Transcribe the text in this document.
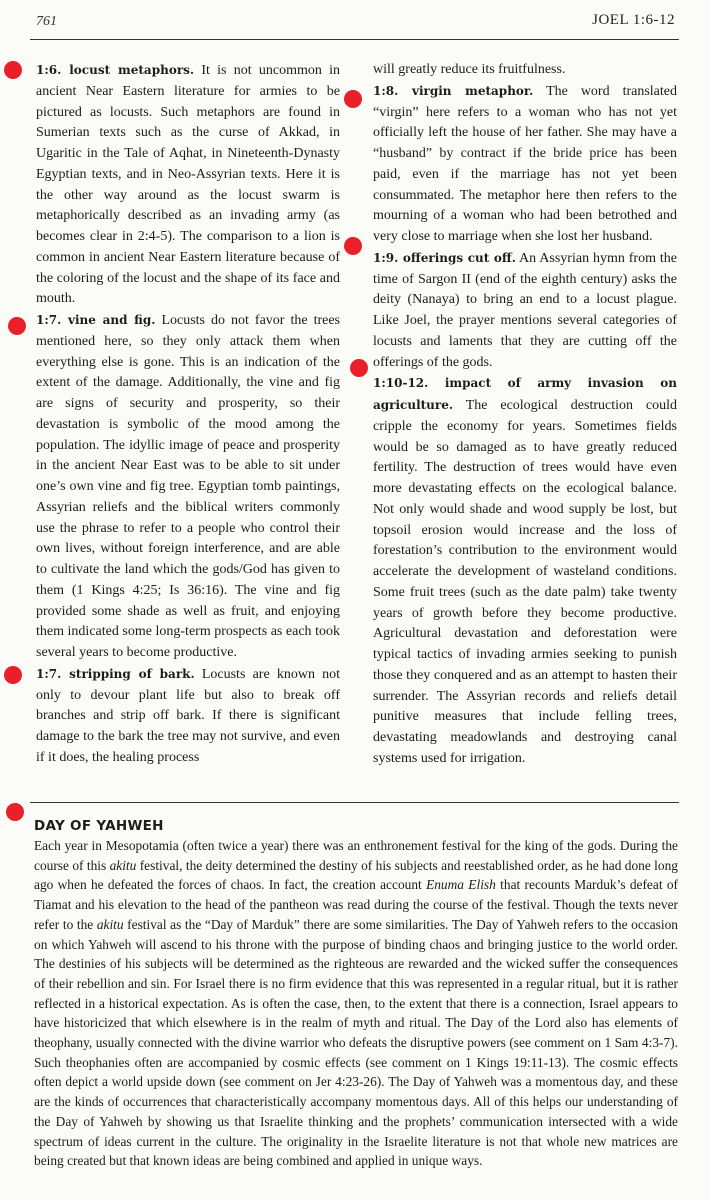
761	JOEL 1:6-12

1:6. locust metaphors. It is not uncommon in ancient Near Eastern literature for armies to be pictured as locusts. Such metaphors are found in Sumerian texts such as the curse of Akkad, in Ugaritic in the Tale of Aqhat, in Nineteenth-Dynasty Egyptian texts, and in Neo-Assyrian texts. Here it is the other way around as the locust swarm is metaphorically described as an invading army (as becomes clear in 2:4-5). The comparison to a lion is common in ancient Near Eastern literature because of the coloring of the locust and the shape of its face and mouth.

1:7. vine and fig. Locusts do not favor the trees mentioned here, so they only attack them when everything else is gone. This is an indication of the extent of the damage. Additionally, the vine and fig are signs of security and prosperity, so their devastation is symbolic of the mood among the population. The idyllic image of peace and prosperity in the ancient Near East was to be able to sit under one’s own vine and fig tree. Egyptian tomb paintings, Assyrian reliefs and the biblical writers commonly use the phrase to refer to a people who control their own lives, without foreign interference, and are able to cultivate the land which the gods/God has given to them (1 Kings 4:25; Is 36:16). The vine and fig provided some shade as well as fruit, and enjoying them indicated some long-term prospects as each took several years to become productive.

1:7. stripping of bark. Locusts are known not only to devour plant life but also to break off branches and strip off bark. If there is significant damage to the bark the tree may not survive, and even if it does, the healing process

will greatly reduce its fruitfulness.

1:8. virgin metaphor. The word translated “virgin” here refers to a woman who has not yet officially left the house of her father. She may have a “husband” by contract if the bride price has been paid, even if the marriage has not yet been consummated. The metaphor here then refers to the mourning of a woman who had been betrothed and very close to marriage when she lost her husband.

1:9. offerings cut off. An Assyrian hymn from the time of Sargon II (end of the eighth century) asks the deity (Nanaya) to bring an end to a locust plague. Like Joel, the prayer mentions several categories of locusts and laments that they are cutting off the offerings of the gods.

1:10-12. impact of army invasion on agriculture. The ecological destruction could cripple the economy for years. Sometimes fields would be so damaged as to have greatly reduced fertility. The destruction of trees would have even more devastating effects on the ecological balance. Not only would shade and wood supply be lost, but topsoil erosion would increase and the loss of forestation’s contribution to the environment would accelerate the development of wasteland conditions. Some fruit trees (such as the date palm) take twenty years of growth before they become productive. Agricultural devastation and deforestation were typical tactics of invading armies seeking to punish those they conquered and as an attempt to hasten their surrender. The Assyrian records and reliefs detail punitive measures that include felling trees, devastating meadowlands and destroying canal systems used for irrigation.

DAY OF YAHWEH

Each year in Mesopotamia (often twice a year) there was an enthronement festival for the king of the gods. During the course of this akitu festival, the deity determined the destiny of his subjects and reestablished order, as he had done long ago when he defeated the forces of chaos. In fact, the creation account Enuma Elish that recounts Marduk’s defeat of Tiamat and his elevation to the head of the pantheon was read during the course of the festival. Though the texts never refer to the akitu festival as the “Day of Marduk” there are some similarities. The Day of Yahweh refers to the occasion on which Yahweh will ascend to his throne with the purpose of binding chaos and bringing justice to the world order. The destinies of his subjects will be determined as the righteous are rewarded and the wicked suffer the consequences of their rebellion and sin. For Israel there is no firm evidence that this was represented in a regular ritual, but it is rather reflected in a historical expectation. As is often the case, then, to the extent that there is a connection, Israel appears to have historicized that which elsewhere is in the realm of myth and ritual. The Day of the Lord also has elements of theophany, usually connected with the divine warrior who defeats the disruptive powers (see comment on 1 Sam 4:3-7). Such theophanies often are accompanied by cosmic effects (see comment on 1 Kings 19:11-13). The cosmic effects often depict a world upside down (see comment on Jer 4:23-26). The Day of Yahweh was a momentous day, and these are the kinds of occurrences that characteristically accompany momentous days. All of this helps our understanding of the Day of Yahweh by showing us that Israelite thinking and the prophets’ communication intersected with a wide spectrum of ideas current in the culture. The originality in the Israelite literature is not that whole new matrices are being created but that known ideas are being combined and applied in unique ways.
